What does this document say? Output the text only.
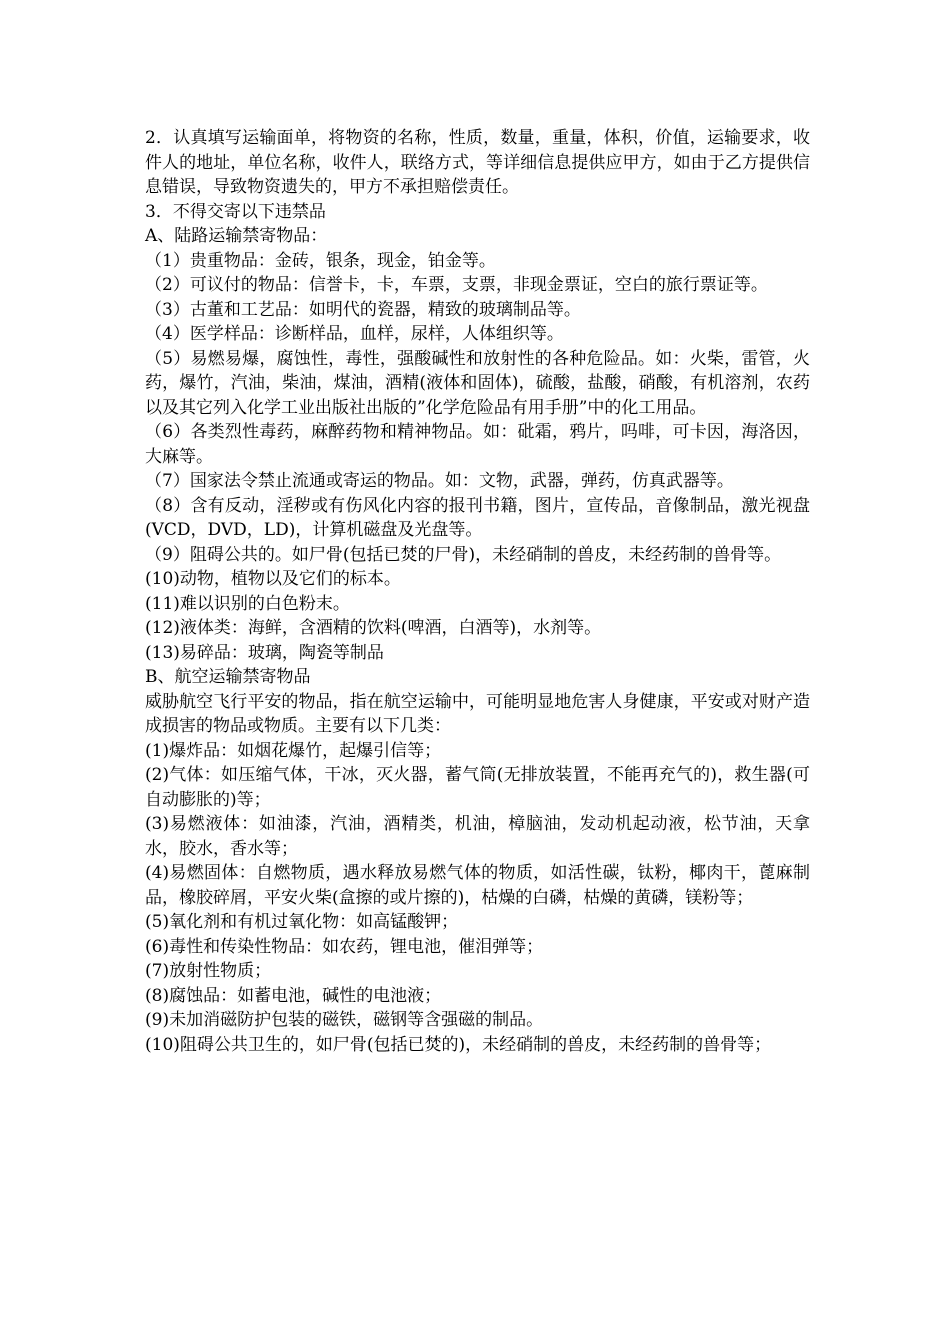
2．认真填写运输面单，将物资的名称，性质，数量，重量，体积，价值，运输要求，收件人的地址，单位名称，收件人，联络方式，等详细信息提供应甲方，如由于乙方提供信息错误，导致物资遗失的，甲方不承担赔偿责任。

3．不得交寄以下违禁品

A、陆路运输禁寄物品：

（1）贵重物品：金砖，银条，现金，铂金等。

（2）可议付的物品：信誉卡，卡，车票，支票，非现金票证，空白的旅行票证等。

（3）古董和工艺品：如明代的瓷器，精致的玻璃制品等。

（4）医学样品：诊断样品，血样，尿样，人体组织等。

（5）易燃易爆，腐蚀性，毒性，强酸碱性和放射性的各种危险品。如：火柴，雷管，火药，爆竹，汽油，柴油，煤油，酒精(液体和固体)，硫酸，盐酸，硝酸，有机溶剂，农药以及其它列入化学工业出版社出版的”化学危险品有用手册”中的化工用品。

（6）各类烈性毒药，麻醉药物和精神物品。如：砒霜，鸦片，吗啡，可卡因，海洛因，大麻等。

（7）国家法令禁止流通或寄运的物品。如：文物，武器，弹药，仿真武器等。

（8）含有反动，淫秽或有伤风化内容的报刊书籍，图片，宣传品，音像制品，激光视盘(VCD，DVD，LD)，计算机磁盘及光盘等。

（9）阻碍公共的。如尸骨(包括已焚的尸骨)，未经硝制的兽皮，未经药制的兽骨等。

(10)动物，植物以及它们的标本。

(11)难以识别的白色粉末。

(12)液体类：海鲜，含酒精的饮料(啤酒，白酒等)，水剂等。

(13)易碎品：玻璃，陶瓷等制品

B、航空运输禁寄物品

威胁航空飞行平安的物品，指在航空运输中，可能明显地危害人身健康，平安或对财产造成损害的物品或物质。主要有以下几类：

(1)爆炸品：如烟花爆竹，起爆引信等；

(2)气体：如压缩气体，干冰，灭火器，蓄气筒(无排放装置，不能再充气的)，救生器(可自动膨胀的)等；

(3)易燃液体：如油漆，汽油，酒精类，机油，樟脑油，发动机起动液，松节油，天拿水，胶水，香水等；

(4)易燃固体：自燃物质，遇水释放易燃气体的物质，如活性碳，钛粉，椰肉干，蓖麻制品，橡胶碎屑，平安火柴(盒擦的或片擦的)，枯燥的白磷，枯燥的黄磷，镁粉等；

(5)氧化剂和有机过氧化物：如高锰酸钾；

(6)毒性和传染性物品：如农药，锂电池，催泪弹等；

(7)放射性物质；

(8)腐蚀品：如蓄电池，碱性的电池液；

(9)未加消磁防护包装的磁铁，磁钢等含强磁的制品。

(10)阻碍公共卫生的，如尸骨(包括已焚的)，未经硝制的兽皮，未经药制的兽骨等；
